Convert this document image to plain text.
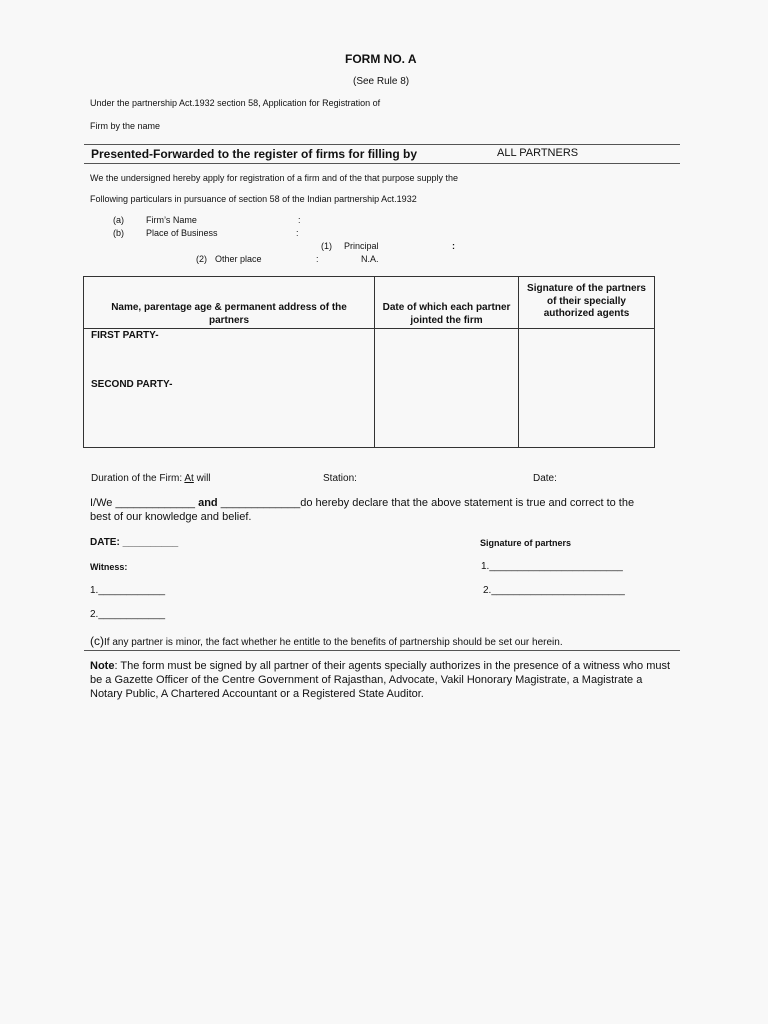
FORM NO. A
(See Rule 8)
Under the partnership Act.1932 section 58, Application for Registration of
Firm by the name
Presented-Forwarded to the register of firms for filling by	ALL PARTNERS
We the undersigned hereby apply for registration of a firm and of the that purpose supply the
Following particulars in pursuance of section 58 of the Indian partnership Act.1932
(a) Firm’s Name	:
(b) Place of Business	:
(1) Principal	:
(2) Other place	:	N.A.
Name, parentage age & permanent address of the partners	Date of which each partner jointed the firm	Signature of the partners of their specially authorized agents

FIRST PARTY-
SECOND PARTY-		

Duration of the Firm: At will	Station:	Date:
I/We _____________ and _____________do hereby declare that the above statement is true and correct to the
best of our knowledge and belief.
DATE: __________	Signature of partners
Witness:	1.________________________
1.____________	2.________________________
2.____________
(c)If any partner is minor, the fact whether he entitle to the benefits of partnership should be set our herein.
Note: The form must be signed by all partner of their agents specially authorizes in the presence of a witness who must be a Gazette Officer of the Centre Government of Rajasthan, Advocate, Vakil Honorary Magistrate, a Magistrate a Notary Public, A Chartered Accountant or a Registered State Auditor.
